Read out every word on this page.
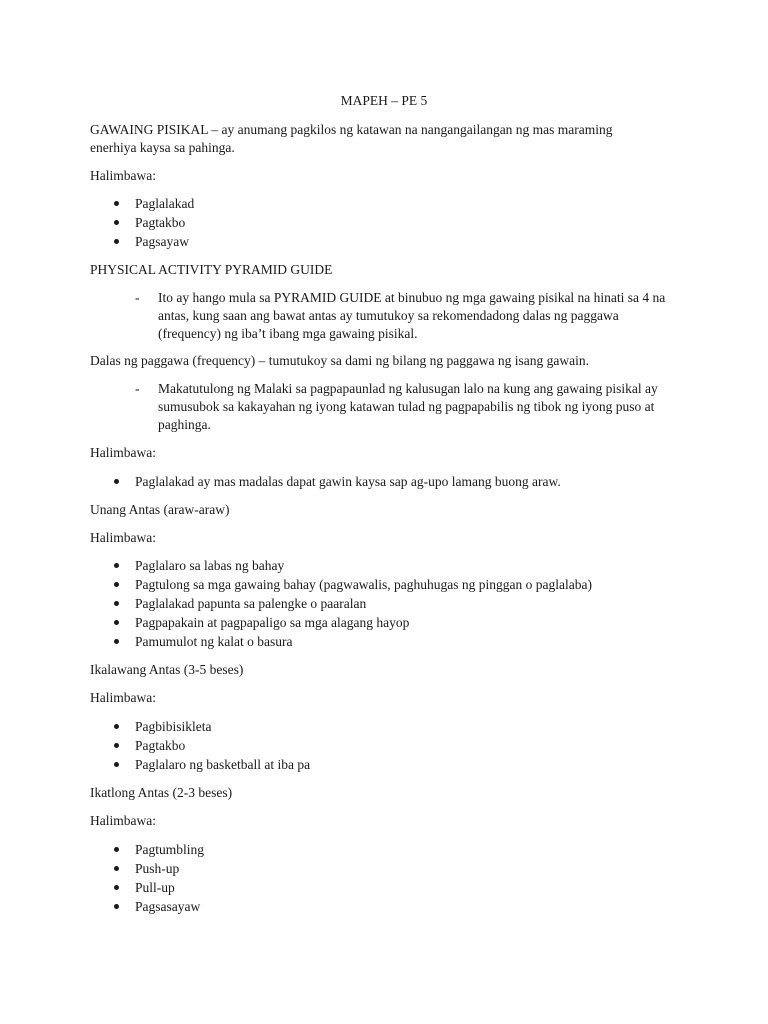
MAPEH – PE 5
GAWAING PISIKAL – ay anumang pagkilos ng katawan na nangangailangan ng mas maraming
enerhiya kaysa sa pahinga.
Halimbawa:
Paglalakad
Pagtakbo
Pagsayaw
PHYSICAL ACTIVITY PYRAMID GUIDE
- Ito ay hango mula sa PYRAMID GUIDE at binubuo ng mga gawaing pisikal na hinati sa 4 na
antas, kung saan ang bawat antas ay tumutukoy sa rekomendadong dalas ng paggawa
(frequency) ng iba’t ibang mga gawaing pisikal.
Dalas ng paggawa (frequency) – tumutukoy sa dami ng bilang ng paggawa ng isang gawain.
- Makatutulong ng Malaki sa pagpapaunlad ng kalusugan lalo na kung ang gawaing pisikal ay
sumusubok sa kakayahan ng iyong katawan tulad ng pagpapabilis ng tibok ng iyong puso at
paghinga.
Halimbawa:
Paglalakad ay mas madalas dapat gawin kaysa sap ag-upo lamang buong araw.
Unang Antas (araw-araw)
Halimbawa:
Paglalaro sa labas ng bahay
Pagtulong sa mga gawaing bahay (pagwawalis, paghuhugas ng pinggan o paglalaba)
Paglalakad papunta sa palengke o paaralan
Pagpapakain at pagpapaligo sa mga alagang hayop
Pamumulot ng kalat o basura
Ikalawang Antas (3-5 beses)
Halimbawa:
Pagbibisikleta
Pagtakbo
Paglalaro ng basketball at iba pa
Ikatlong Antas (2-3 beses)
Halimbawa:
Pagtumbling
Push-up
Pull-up
Pagsasayaw
